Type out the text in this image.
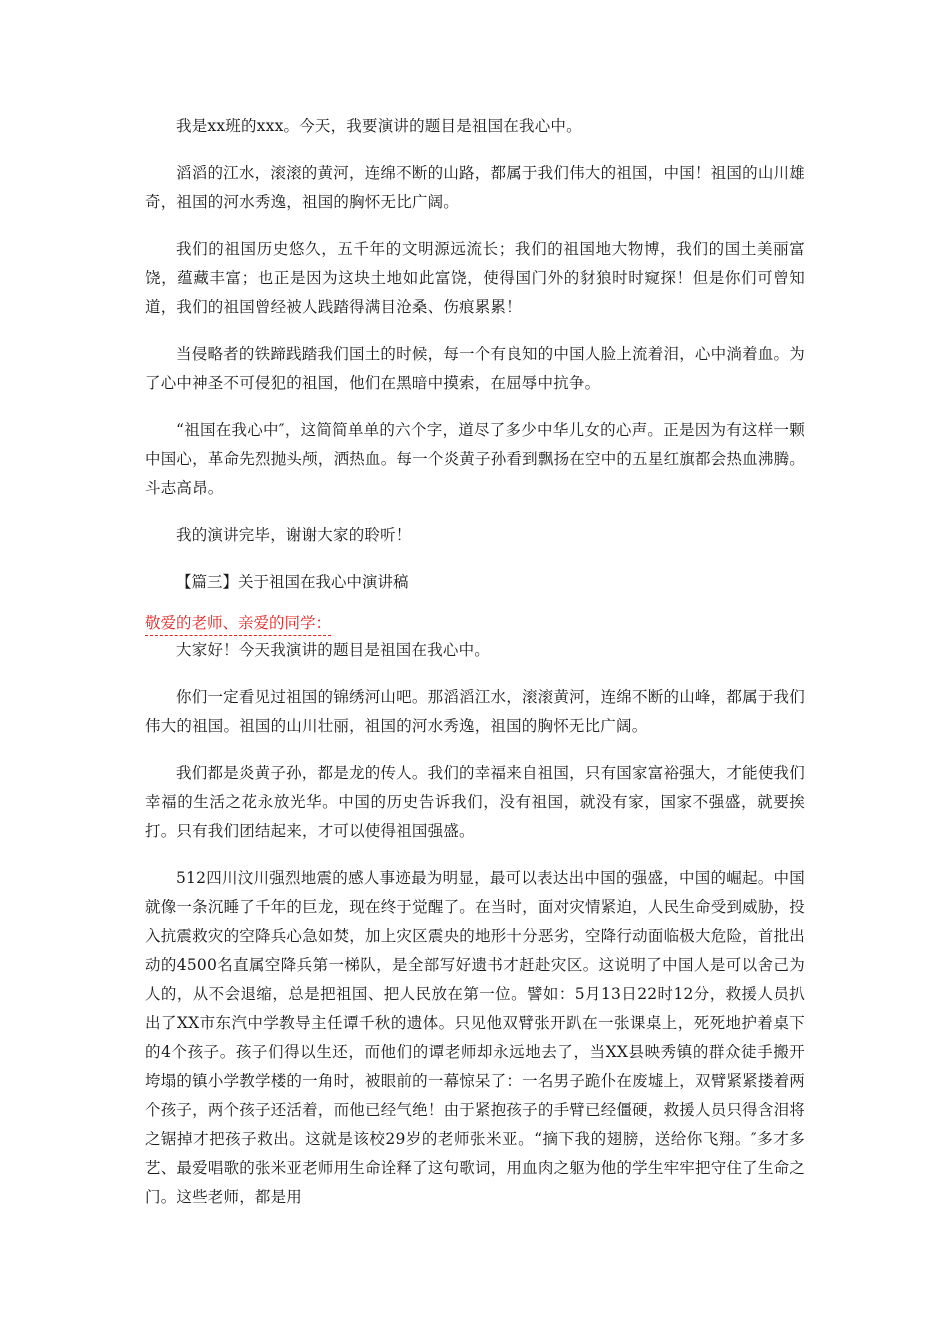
我是xx班的xxx。今天，我要演讲的题目是祖国在我心中。

滔滔的江水，滚滚的黄河，连绵不断的山路，都属于我们伟大的祖国，中国！祖国的山川雄奇，祖国的河水秀逸，祖国的胸怀无比广阔。

我们的祖国历史悠久，五千年的文明源远流长；我们的祖国地大物博，我们的国土美丽富饶，蕴藏丰富；也正是因为这块土地如此富饶，使得国门外的豺狼时时窥探！但是你们可曾知道，我们的祖国曾经被人践踏得满目沧桑、伤痕累累！

当侵略者的铁蹄践踏我们国土的时候，每一个有良知的中国人脸上流着泪，心中淌着血。为了心中神圣不可侵犯的祖国，他们在黑暗中摸索，在屈辱中抗争。

“祖国在我心中″，这简简单单的六个字，道尽了多少中华儿女的心声。正是因为有这样一颗中国心，革命先烈抛头颅，洒热血。每一个炎黄子孙看到飘扬在空中的五星红旗都会热血沸腾。斗志高昂。

我的演讲完毕，谢谢大家的聆听！

【篇三】关于祖国在我心中演讲稿

敬爱的老师、亲爱的同学：

大家好！今天我演讲的题目是祖国在我心中。

你们一定看见过祖国的锦绣河山吧。那滔滔江水，滚滚黄河，连绵不断的山峰，都属于我们伟大的祖国。祖国的山川壮丽，祖国的河水秀逸，祖国的胸怀无比广阔。

我们都是炎黄子孙，都是龙的传人。我们的幸福来自祖国，只有国家富裕强大，才能使我们幸福的生活之花永放光华。中国的历史告诉我们，没有祖国，就没有家，国家不强盛，就要挨打。只有我们团结起来，才可以使得祖国强盛。

512四川汶川强烈地震的感人事迹最为明显，最可以表达出中国的强盛，中国的崛起。中国就像一条沉睡了千年的巨龙，现在终于觉醒了。在当时，面对灾情紧迫，人民生命受到威胁，投入抗震救灾的空降兵心急如焚，加上灾区震央的地形十分恶劣，空降行动面临极大危险，首批出动的4500名直属空降兵第一梯队，是全部写好遗书才赶赴灾区。这说明了中国人是可以舍己为人的，从不会退缩，总是把祖国、把人民放在第一位。譬如：5月13日22时12分，救援人员扒出了XX市东汽中学教导主任谭千秋的遗体。只见他双臂张开趴在一张课桌上，死死地护着桌下的4个孩子。孩子们得以生还，而他们的谭老师却永远地去了，当XX县映秀镇的群众徒手搬开垮塌的镇小学教学楼的一角时，被眼前的一幕惊呆了：一名男子跪仆在废墟上，双臂紧紧搂着两个孩子，两个孩子还活着，而他已经气绝！由于紧抱孩子的手臂已经僵硬，救援人员只得含泪将之锯掉才把孩子救出。这就是该校29岁的老师张米亚。“摘下我的翅膀，送给你飞翔。″多才多艺、最爱唱歌的张米亚老师用生命诠释了这句歌词，用血肉之躯为他的学生牢牢把守住了生命之门。这些老师，都是用
